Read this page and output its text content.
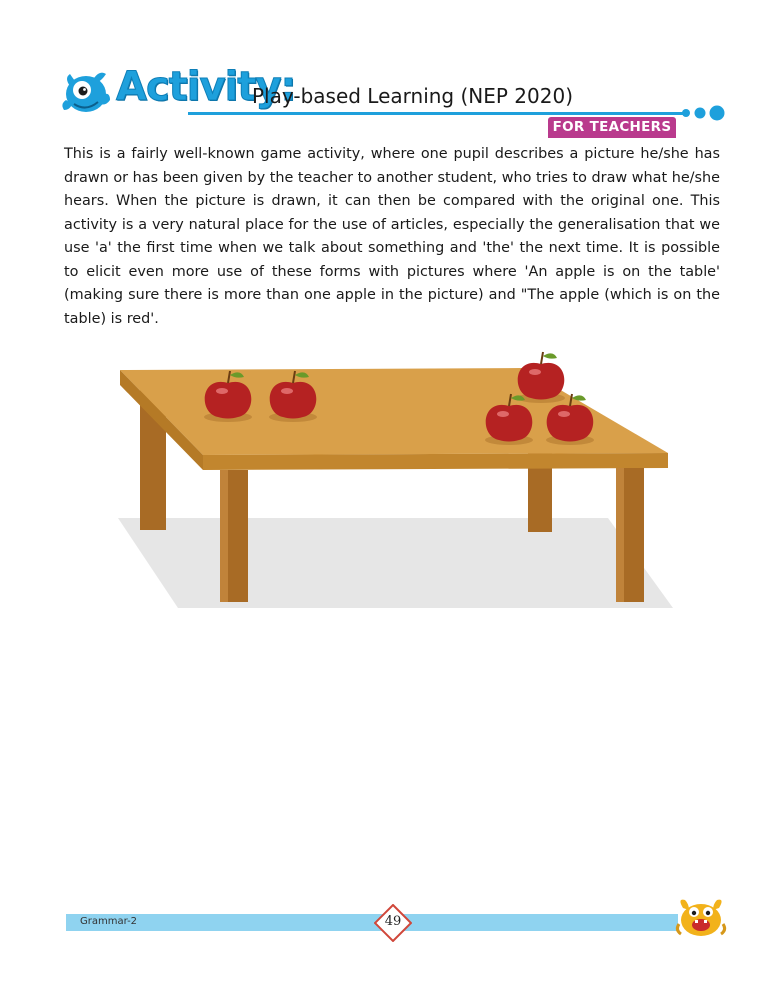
Activity:
Play-based Learning (NEP 2020)
FOR TEACHERS

This is a fairly well-known game activity, where one pupil describes a picture he/she has drawn or has been given by the teacher to another student, who tries to draw what he/she hears. When the picture is drawn, it can then be compared with the original one. This activity is a very natural place for the use of articles, especially the generalisation that we use 'a' the first time when we talk about something and 'the' the next time. It is possible to elicit even more use of these forms with pictures where 'An apple is on the table' (making sure there is more than one apple in the picture) and "The apple (which is on the table) is red'.

Grammar-2	49
